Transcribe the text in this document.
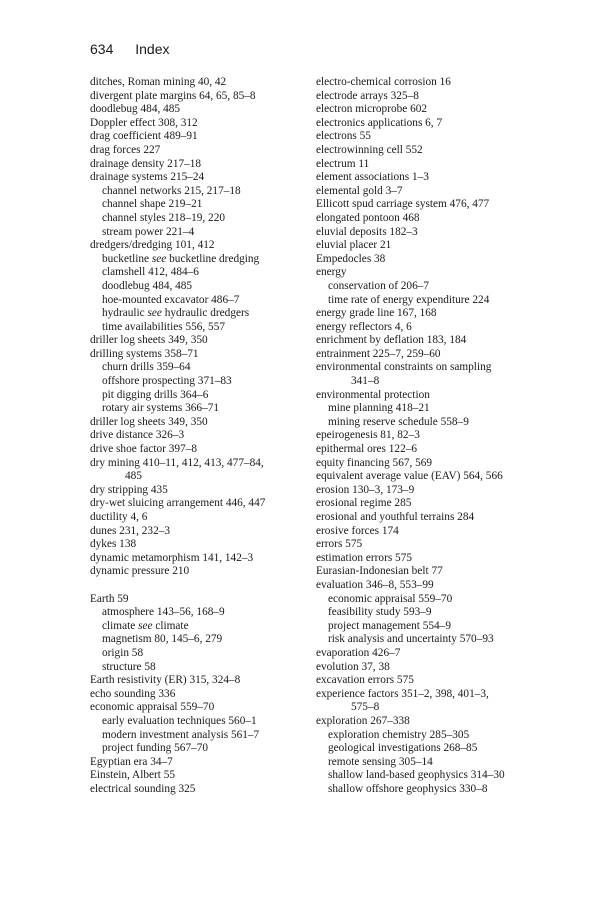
634 Index
ditches, Roman mining 40, 42
divergent plate margins 64, 65, 85–8
doodlebug 484, 485
Doppler effect 308, 312
drag coefficient 489–91
drag forces 227
drainage density 217–18
drainage systems 215–24
channel networks 215, 217–18
channel shape 219–21
channel styles 218–19, 220
stream power 221–4
dredgers/dredging 101, 412
bucketline see bucketline dredging
clamshell 412, 484–6
doodlebug 484, 485
hoe-mounted excavator 486–7
hydraulic see hydraulic dredgers
time availabilities 556, 557
driller log sheets 349, 350
drilling systems 358–71
churn drills 359–64
offshore prospecting 371–83
pit digging drills 364–6
rotary air systems 366–71
driller log sheets 349, 350
drive distance 326–3
drive shoe factor 397–8
dry mining 410–11, 412, 413, 477–84,
485
dry stripping 435
dry-wet sluicing arrangement 446, 447
ductility 4, 6
dunes 231, 232–3
dykes 138
dynamic metamorphism 141, 142–3
dynamic pressure 210
Earth 59
atmosphere 143–56, 168–9
climate see climate
magnetism 80, 145–6, 279
origin 58
structure 58
Earth resistivity (ER) 315, 324–8
echo sounding 336
economic appraisal 559–70
early evaluation techniques 560–1
modern investment analysis 561–7
project funding 567–70
Egyptian era 34–7
Einstein, Albert 55
electrical sounding 325
electro-chemical corrosion 16
electrode arrays 325–8
electron microprobe 602
electronics applications 6, 7
electrons 55
electrowinning cell 552
electrum 11
element associations 1–3
elemental gold 3–7
Ellicott spud carriage system 476, 477
elongated pontoon 468
eluvial deposits 182–3
eluvial placer 21
Empedocles 38
energy
conservation of 206–7
time rate of energy expenditure 224
energy grade line 167, 168
energy reflectors 4, 6
enrichment by deflation 183, 184
entrainment 225–7, 259–60
environmental constraints on sampling
341–8
environmental protection
mine planning 418–21
mining reserve schedule 558–9
epeirogenesis 81, 82–3
epithermal ores 122–6
equity financing 567, 569
equivalent average value (EAV) 564, 566
erosion 130–3, 173–9
erosional regime 285
erosional and youthful terrains 284
erosive forces 174
errors 575
estimation errors 575
Eurasian-Indonesian belt 77
evaluation 346–8, 553–99
economic appraisal 559–70
feasibility study 593–9
project management 554–9
risk analysis and uncertainty 570–93
evaporation 426–7
evolution 37, 38
excavation errors 575
experience factors 351–2, 398, 401–3,
575–8
exploration 267–338
exploration chemistry 285–305
geological investigations 268–85
remote sensing 305–14
shallow land-based geophysics 314–30
shallow offshore geophysics 330–8
